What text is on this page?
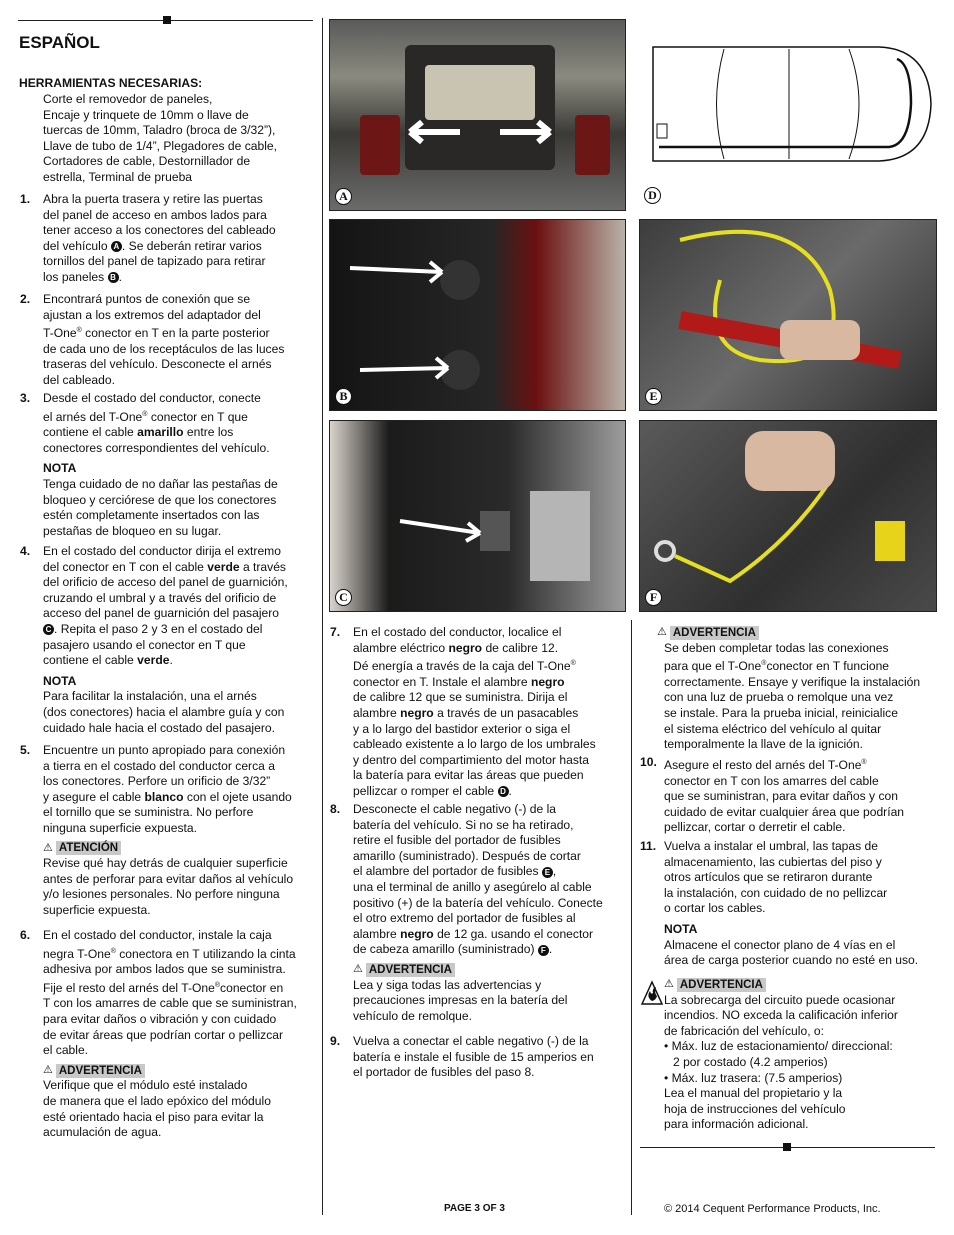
ESPAÑOL
HERRAMIENTAS NECESARIAS:
Corte el removedor de paneles,
Encaje y trinquete de 10mm o llave de
tuercas de 10mm, Taladro (broca de 3/32”),
Llave de tubo de 1/4”, Plegadores de cable,
Cortadores de cable, Destornillador de
estrella, Terminal de prueba
1. Abra la puerta trasera y retire las puertas
del panel de acceso en ambos lados para
tener acceso a los conectores del cableado
del vehículo A . Se deberán retirar varios
tornillos del panel de tapizado para retirar
los paneles B .
2. Encontrará puntos de conexión que se
ajustan a los extremos del adaptador del
T-One® conector en T en la parte posterior
de cada uno de los receptáculos de las luces
traseras del vehículo. Desconecte el arnés
del cableado.
3. Desde el costado del conductor, conecte
el arnés del T-One® conector en T que
contiene el cable amarillo entre los
conectores correspondientes del vehículo.
NOTA
Tenga cuidado de no dañar las pestañas de
bloqueo y cerciórese de que los conectores
estén completamente insertados con las
pestañas de bloqueo en su lugar.
4. En el costado del conductor dirija el extremo
del conector en T con el cable verde a través
del orificio de acceso del panel de guarnición,
cruzando el umbral y a través del orificio de
acceso del panel de guarnición del pasajero
C . Repita el paso 2 y 3 en el costado del
pasajero usando el conector en T que
contiene el cable verde.
NOTA
Para facilitar la instalación, una el arnés
(dos conectores) hacia el alambre guía y con
cuidado hale hacia el costado del pasajero.
5. Encuentre un punto apropiado para conexión
a tierra en el costado del conductor cerca a
los conectores. Perfore un orificio de 3/32”
y asegure el cable blanco con el ojete usando
el tornillo que se suministra. No perfore
ninguna superficie expuesta.
⚠ ATENCIÓN
Revise qué hay detrás de cualquier superficie
antes de perforar para evitar daños al vehículo
y/o lesiones personales. No perfore ninguna
superficie expuesta.
6. En el costado del conductor, instale la caja
negra T-One® conectora en T utilizando la cinta
adhesiva por ambos lados que se suministra.
Fije el resto del arnés del T-One®conector en
T con los amarres de cable que se suministran,
para evitar daños o vibración y con cuidado
de evitar áreas que podrían cortar o pellizcar
el cable.
⚠ ADVERTENCIA
Verifique que el módulo esté instalado
de manera que el lado epóxico del módulo
esté orientado hacia el piso para evitar la
acumulación de agua.
A	D
B	E
C	F
7. En el costado del conductor, localice el
alambre eléctrico negro de calibre 12.
Dé energía a través de la caja del T-One®
conector en T. Instale el alambre negro
de calibre 12 que se suministra. Dirija el
alambre negro a través de un pasacables
y a lo largo del bastidor exterior o siga el
cableado existente a lo largo de los umbrales
y dentro del compartimiento del motor hasta
la batería para evitar las áreas que pueden
pellizcar o romper el cable D .
8. Desconecte el cable negativo (-) de la
batería del vehículo. Si no se ha retirado,
retire el fusible del portador de fusibles
amarillo (suministrado). Después de cortar
el alambre del portador de fusibles E ,
una el terminal de anillo y asegúrelo al cable
positivo (+) de la batería del vehículo. Conecte
el otro extremo del portador de fusibles al
alambre negro de 12 ga. usando el conector
de cabeza amarillo (suministrado) F .
⚠ ADVERTENCIA
Lea y siga todas las advertencias y
precauciones impresas en la batería del
vehículo de remolque.
9. Vuelva a conectar el cable negativo (-) de la
batería e instale el fusible de 15 amperios en
el portador de fusibles del paso 8.
⚠ ADVERTENCIA
Se deben completar todas las conexiones
para que el T-One®conector en T funcione
correctamente. Ensaye y verifique la instalación
con una luz de prueba o remolque una vez
se instale. Para la prueba inicial, reinicialice
el sistema eléctrico del vehículo al quitar
temporalmente la llave de la ignición.
10. Asegure el resto del arnés del T-One®
conector en T con los amarres del cable
que se suministran, para evitar daños y con
cuidado de evitar cualquier área que podrían
pellizcar, cortar o derretir el cable.
11. Vuelva a instalar el umbral, las tapas de
almacenamiento, las cubiertas del piso y
otros artículos que se retiraron durante
la instalación, con cuidado de no pellizcar
o cortar los cables.
NOTA
Almacene el conector plano de 4 vías en el
área de carga posterior cuando no esté en uso.
⚠ ADVERTENCIA
La sobrecarga del circuito puede ocasionar
incendios. NO exceda la calificación inferior
de fabricación del vehículo, o:
• Máx. luz de estacionamiento/ direccional:
2 por costado (4.2 amperios)
• Máx. luz trasera: (7.5 amperios)
Lea el manual del propietario y la
hoja de instrucciones del vehículo
para información adicional.
PAGE 3 OF 3	© 2014 Cequent Performance Products, Inc.
